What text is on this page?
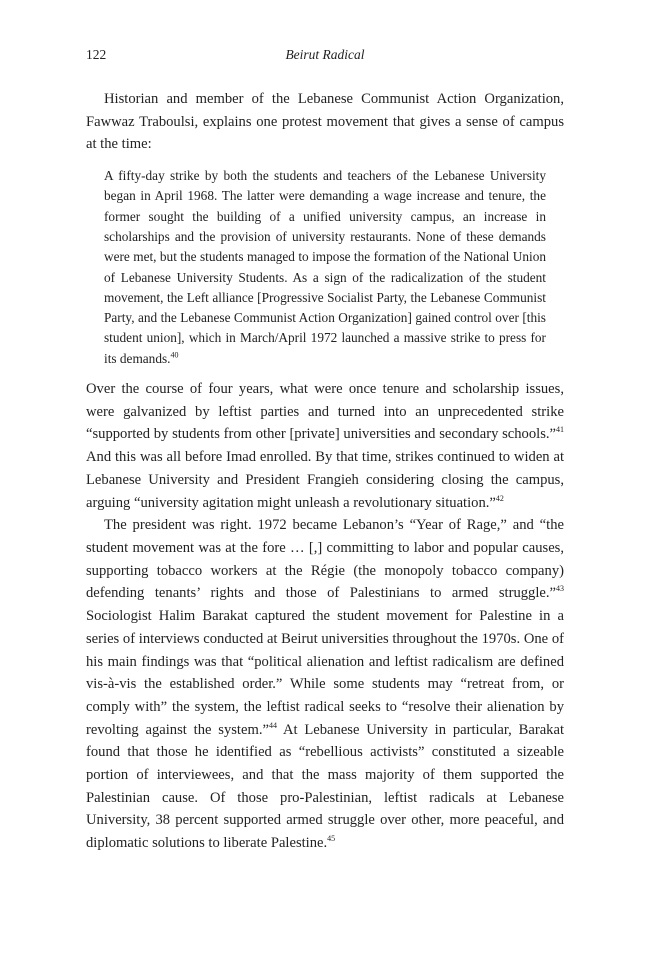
122	Beirut Radical

Historian and member of the Lebanese Communist Action Organization, Fawwaz Traboulsi, explains one protest movement that gives a sense of campus at the time:

A fifty-day strike by both the students and teachers of the Lebanese University began in April 1968. The latter were demanding a wage increase and tenure, the former sought the building of a unified university campus, an increase in scholarships and the provision of university restaurants. None of these demands were met, but the students managed to impose the formation of the National Union of Lebanese University Students. As a sign of the radicalization of the student movement, the Left alliance [Progressive Socialist Party, the Lebanese Communist Party, and the Lebanese Communist Action Organization] gained control over [this student union], which in March/April 1972 launched a massive strike to press for its demands.$^{40}$

Over the course of four years, what were once tenure and scholarship issues, were galvanized by leftist parties and turned into an unprecedented strike “supported by students from other [private] universities and secondary schools.”$^{41}$ And this was all before Imad enrolled. By that time, strikes continued to widen at Lebanese University and President Frangieh considering closing the campus, arguing “university agitation might unleash a revolutionary situation.”$^{42}$

The president was right. 1972 became Lebanon’s “Year of Rage,” and “the student movement was at the fore … [,] committing to labor and popular causes, supporting tobacco workers at the Régie (the monopoly tobacco company) defending tenants’ rights and those of Palestinians to armed struggle.”$^{43}$ Sociologist Halim Barakat captured the student movement for Palestine in a series of interviews conducted at Beirut universities throughout the 1970s. One of his main findings was that “political alienation and leftist radicalism are defined vis-à-vis the established order.” While some students may “retreat from, or comply with” the system, the leftist radical seeks to “resolve their alienation by revolting against the system.”$^{44}$ At Lebanese University in particular, Barakat found that those he identified as “rebellious activists” constituted a sizeable portion of interviewees, and that the mass majority of them supported the Palestinian cause. Of those pro-Palestinian, leftist radicals at Lebanese University, 38 percent supported armed struggle over other, more peaceful, and diplomatic solutions to liberate Palestine.$^{45}$
